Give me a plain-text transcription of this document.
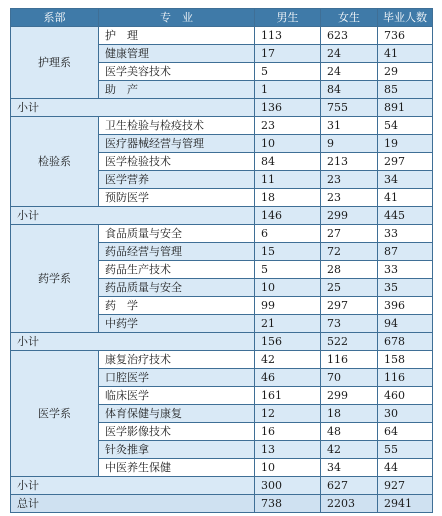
系部	专　业	男生	女生	毕业人数
护理系	护　理	113	623	736
	健康管理	17	24	41
	医学美容技术	5	24	29
	助　产	1	84	85
小计		136	755	891
检验系	卫生检验与检疫技术	23	31	54
	医疗器械经营与管理	10	9	19
	医学检验技术	84	213	297
	医学营养	11	23	34
	预防医学	18	23	41
小计		146	299	445
药学系	食品质量与安全	6	27	33
	药品经营与管理	15	72	87
	药品生产技术	5	28	33
	药品质量与安全	10	25	35
	药　学	99	297	396
	中药学	21	73	94
小计		156	522	678
医学系	康复治疗技术	42	116	158
	口腔医学	46	70	116
	临床医学	161	299	460
	体育保健与康复	12	18	30
	医学影像技术	16	48	64
	针灸推拿	13	42	55
	中医养生保健	10	34	44
小计		300	627	927
总计		738	2203	2941
